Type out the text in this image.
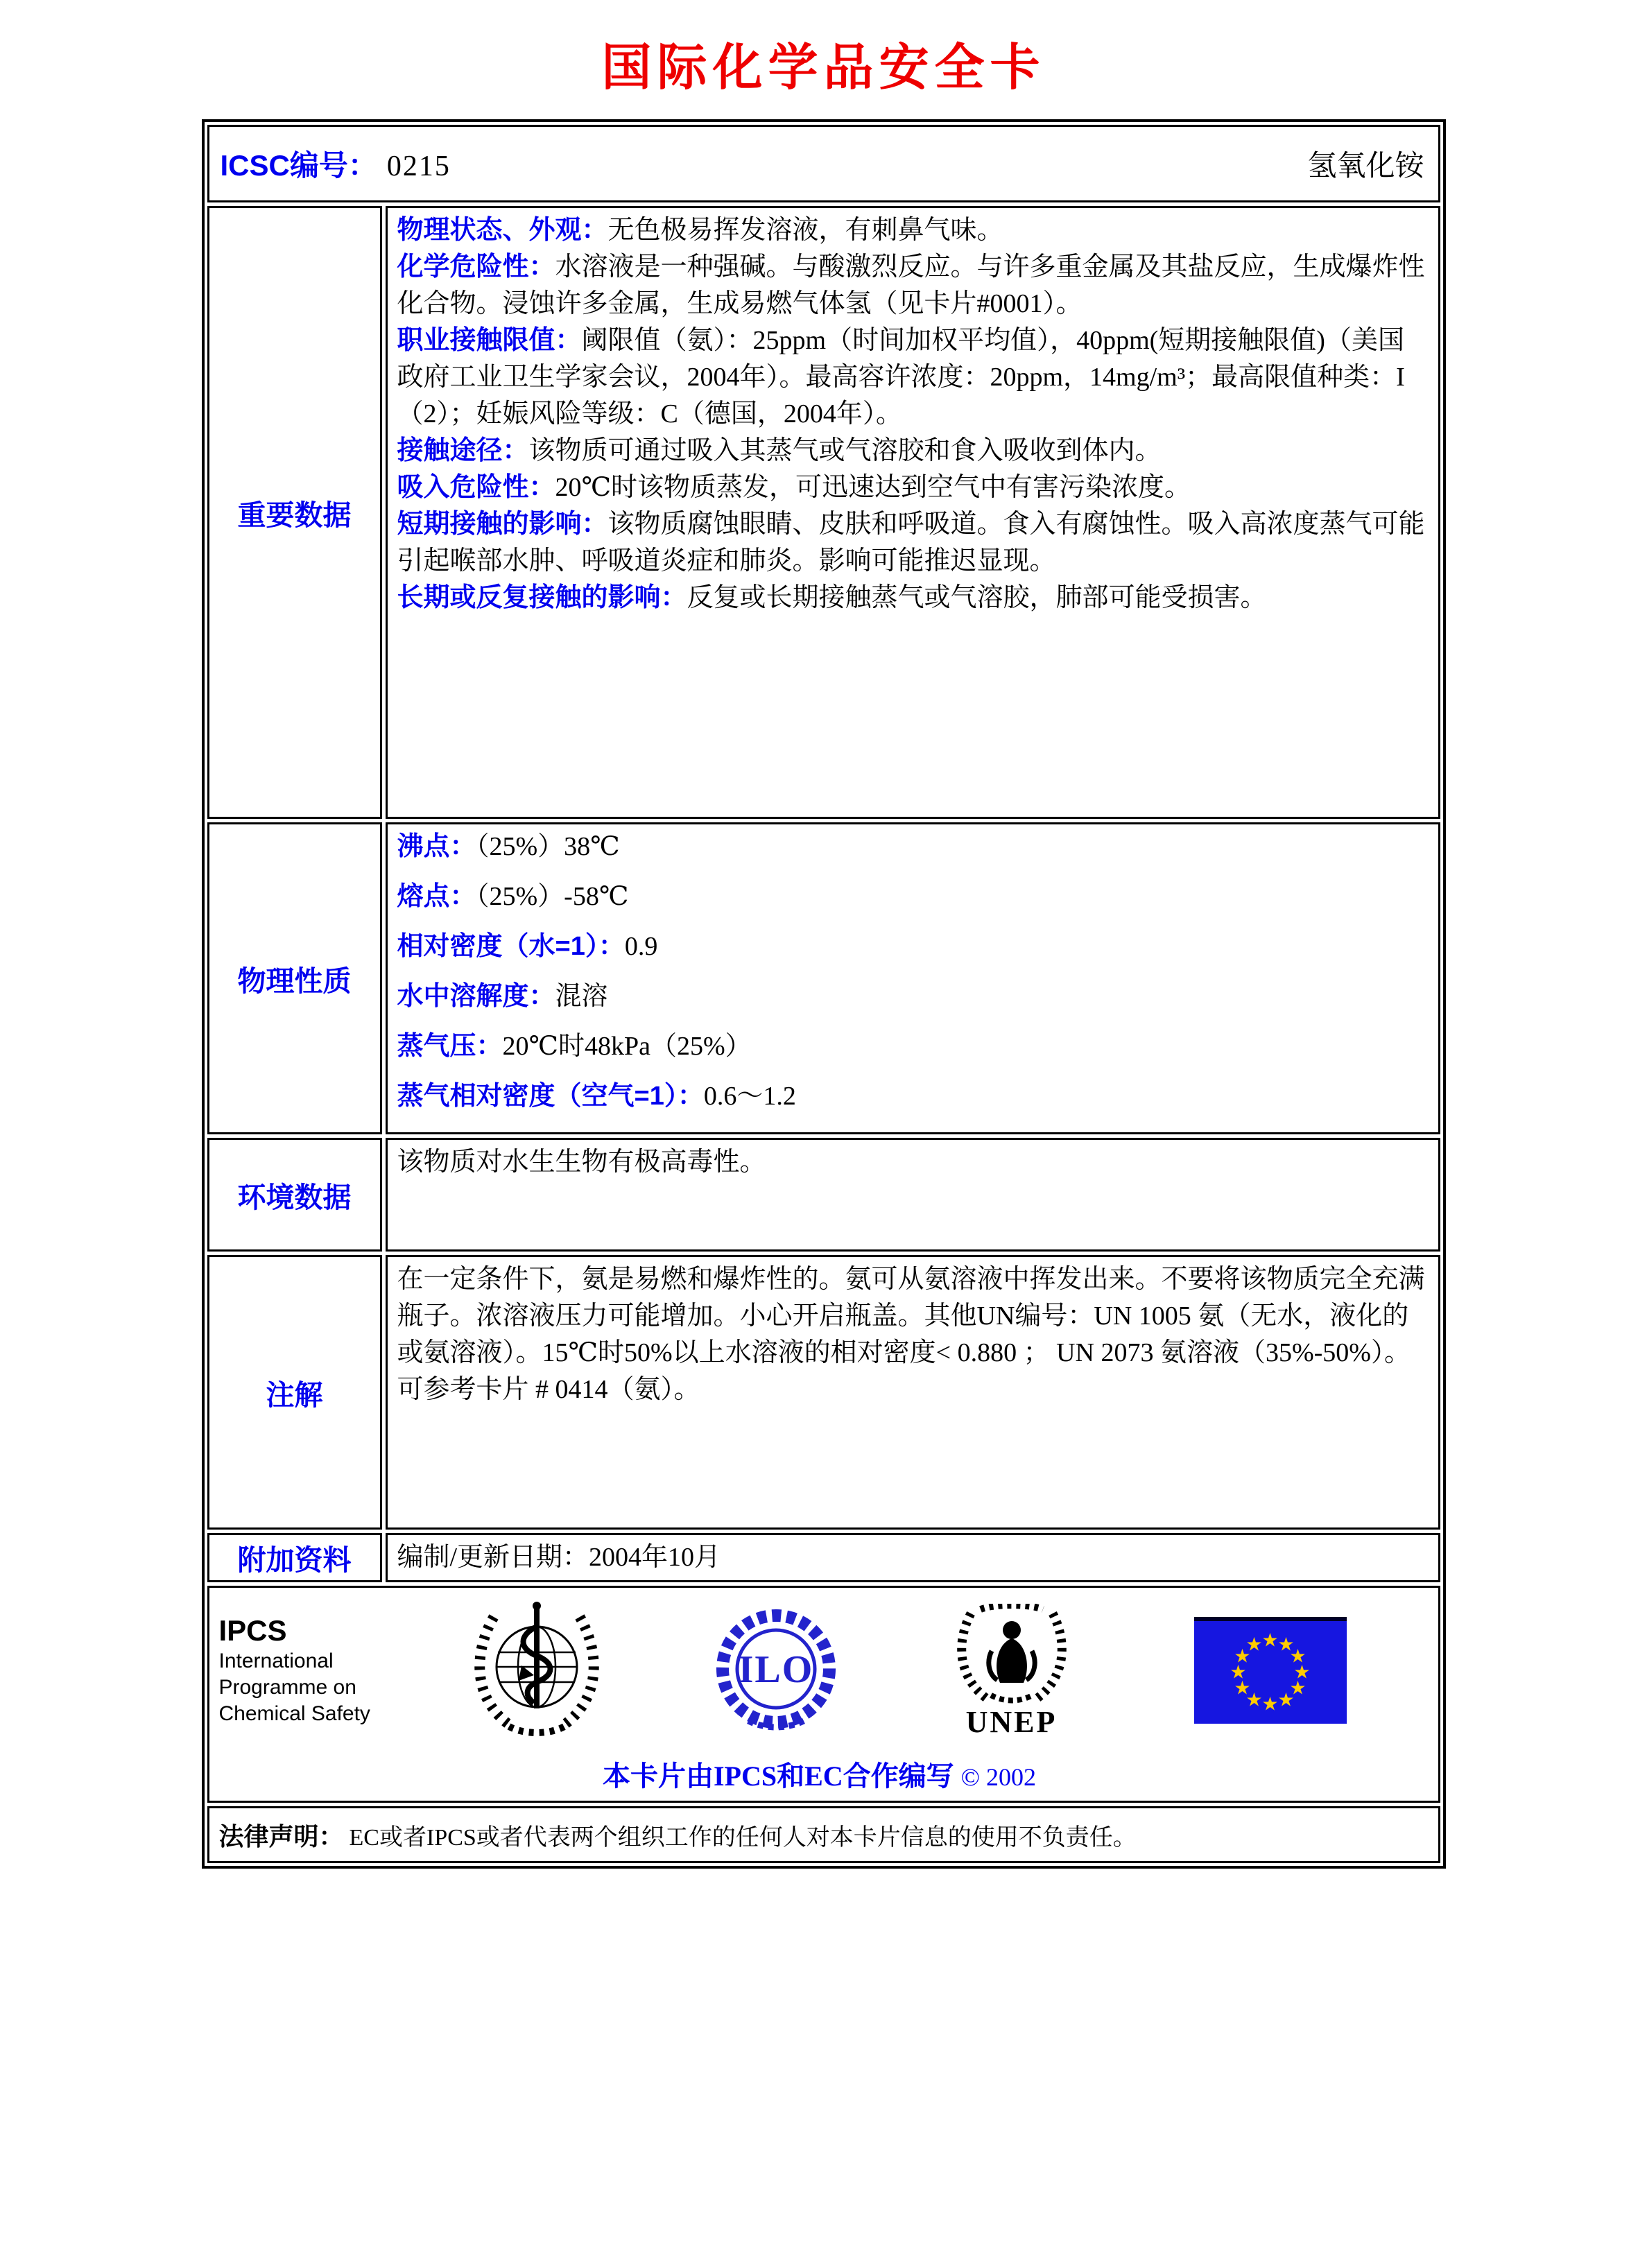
国际化学品安全卡
ICSC编号： 0215	氢氧化铵
重要数据

物理状态、外观：无色极易挥发溶液，有刺鼻气味。

化学危险性：水溶液是一种强碱。与酸激烈反应。与许多重金属及其盐反应，生成爆炸性化合物。浸蚀许多金属，生成易燃气体氢（见卡片#0001）。

职业接触限值：阈限值（氨）：25ppm（时间加权平均值），40ppm(短期接触限值)（美国政府工业卫生学家会议，2004年）。最高容许浓度：20ppm，14mg/m³；最高限值种类：I（2）；妊娠风险等级：C（德国，2004年）。

接触途径：该物质可通过吸入其蒸气或气溶胶和食入吸收到体内。

吸入危险性：20℃时该物质蒸发，可迅速达到空气中有害污染浓度。

短期接触的影响：该物质腐蚀眼睛、皮肤和呼吸道。食入有腐蚀性。吸入高浓度蒸气可能引起喉部水肿、呼吸道炎症和肺炎。影响可能推迟显现。

长期或反复接触的影响：反复或长期接触蒸气或气溶胶，肺部可能受损害。

物理性质

沸点：（25%）38℃

熔点：（25%）-58℃

相对密度（水=1）：0.9

水中溶解度：混溶

蒸气压：20℃时48kPa（25%）

蒸气相对密度（空气=1）：0.6～1.2

环境数据
该物质对水生生物有极高毒性。
注解
在一定条件下，氨是易燃和爆炸性的。氨可从氨溶液中挥发出来。不要将该物质完全充满瓶子。浓溶液压力可能增加。小心开启瓶盖。其他UN编号：UN 1005 氨（无水，液化的或氨溶液）。15℃时50%以上水溶液的相对密度< 0.880 ； UN 2073 氨溶液（35%-50%）。可参考卡片 # 0414（氨）。
附加资料	编制/更新日期：2004年10月
IPCS
International
Programme on
Chemical Safety
ILO
UNEP
本卡片由IPCS和EC合作编写 © 2002
法律声明： EC或者IPCS或者代表两个组织工作的任何人对本卡片信息的使用不负责任。
